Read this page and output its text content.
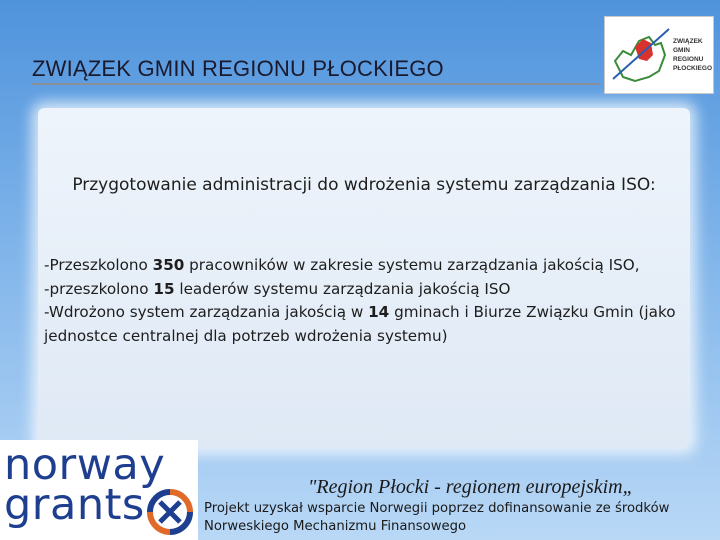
ZWIĄZEK GMIN REGIONU PŁOCKIEGO
ZWIĄZEK
GMIN
REGIONU
PŁOCKIEGO
Przygotowanie administracji do wdrożenia systemu zarządzania ISO:

-Przeszkolono 350 pracowników w zakresie systemu zarządzania jakością ISO,

-przeszkolono 15 leaderów systemu zarządzania jakością ISO

-Wdrożono system zarządzania jakością w 14 gminach i Biurze Związku Gmin (jako jednostce centralnej dla potrzeb wdrożenia systemu)

norway
grants	"Region Płocki - regionem europejskim„
Projekt uzyskał wsparcie Norwegii poprzez dofinansowanie ze środków Norweskiego Mechanizmu Finansowego
